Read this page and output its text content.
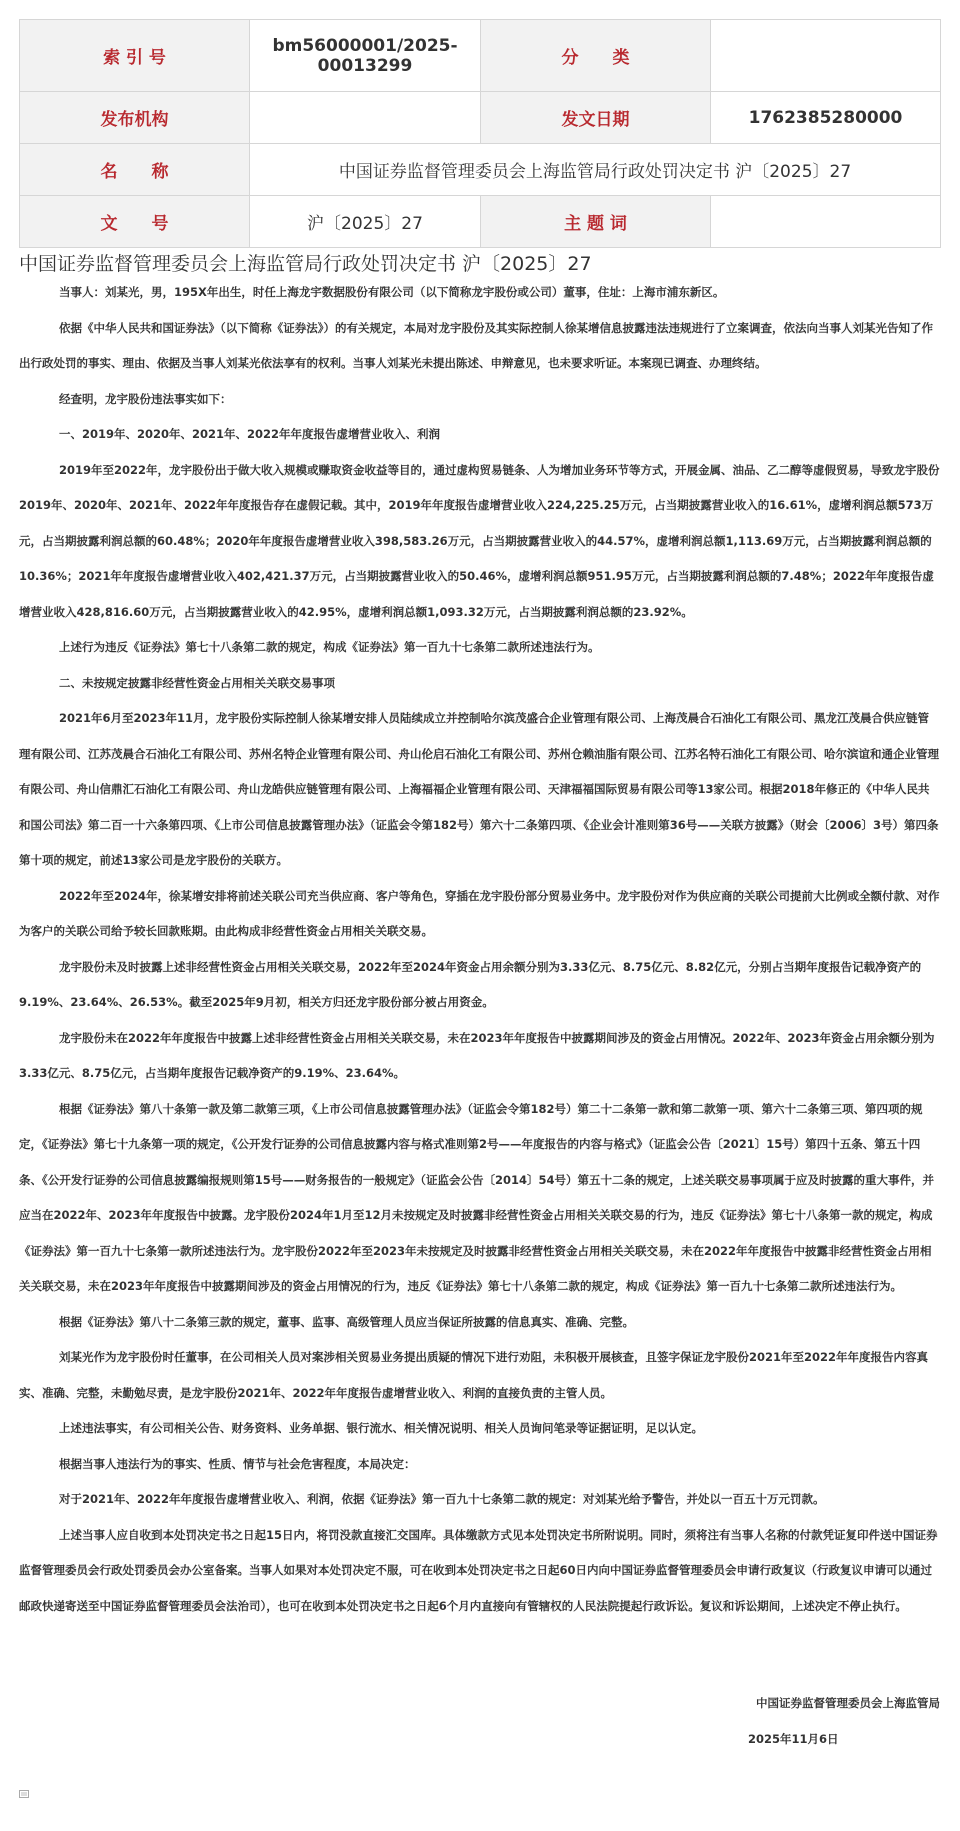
索 引 号	bm56000001/2025-00013299	分　　类	
发布机构		发文日期	1762385280000
名　　称	中国证券监督管理委员会上海监管局行政处罚决定书 沪〔2025〕27		
文　　号	沪〔2025〕27	主 题 词	
中国证券监督管理委员会上海监管局行政处罚决定书 沪〔2025〕27

当事人：刘某光，男，195X年出生，时任上海龙宇数据股份有限公司（以下简称龙宇股份或公司）董事，住址：上海市浦东新区。

依据《中华人民共和国证券法》（以下简称《证券法》）的有关规定，本局对龙宇股份及其实际控制人徐某增信息披露违法违规进行了立案调查，依法向当事人刘某光告知了作出行政处罚的事实、理由、依据及当事人刘某光依法享有的权利。当事人刘某光未提出陈述、申辩意见，也未要求听证。本案现已调查、办理终结。

经查明，龙宇股份违法事实如下：

一、2019年、2020年、2021年、2022年年度报告虚增营业收入、利润

2019年至2022年，龙宇股份出于做大收入规模或赚取资金收益等目的，通过虚构贸易链条、人为增加业务环节等方式，开展金属、油品、乙二醇等虚假贸易，导致龙宇股份2019年、2020年、2021年、2022年年度报告存在虚假记载。其中，2019年年度报告虚增营业收入224,225.25万元，占当期披露营业收入的16.61%，虚增利润总额573万元，占当期披露利润总额的60.48%；2020年年度报告虚增营业收入398,583.26万元，占当期披露营业收入的44.57%，虚增利润总额1,113.69万元，占当期披露利润总额的10.36%；2021年年度报告虚增营业收入402,421.37万元，占当期披露营业收入的50.46%，虚增利润总额951.95万元，占当期披露利润总额的7.48%；2022年年度报告虚增营业收入428,816.60万元，占当期披露营业收入的42.95%，虚增利润总额1,093.32万元，占当期披露利润总额的23.92%。

上述行为违反《证券法》第七十八条第二款的规定，构成《证券法》第一百九十七条第二款所述违法行为。

二、未按规定披露非经营性资金占用相关关联交易事项

2021年6月至2023年11月，龙宇股份实际控制人徐某增安排人员陆续成立并控制哈尔滨茂盛合企业管理有限公司、上海茂晨合石油化工有限公司、黑龙江茂晨合供应链管理有限公司、江苏茂晨合石油化工有限公司、苏州名特企业管理有限公司、舟山伦启石油化工有限公司、苏州仓赖油脂有限公司、江苏名特石油化工有限公司、哈尔滨谊和通企业管理有限公司、舟山信鼎汇石油化工有限公司、舟山龙皓供应链管理有限公司、上海福福企业管理有限公司、天津福福国际贸易有限公司等13家公司。根据2018年修正的《中华人民共和国公司法》第二百一十六条第四项、《上市公司信息披露管理办法》（证监会令第182号）第六十二条第四项、《企业会计准则第36号——关联方披露》（财会〔2006〕3号）第四条第十项的规定，前述13家公司是龙宇股份的关联方。

2022年至2024年，徐某增安排将前述关联公司充当供应商、客户等角色，穿插在龙宇股份部分贸易业务中。龙宇股份对作为供应商的关联公司提前大比例或全额付款、对作为客户的关联公司给予较长回款账期。由此构成非经营性资金占用相关关联交易。

龙宇股份未及时披露上述非经营性资金占用相关关联交易，2022年至2024年资金占用余额分别为3.33亿元、8.75亿元、8.82亿元，分别占当期年度报告记载净资产的9.19%、23.64%、26.53%。截至2025年9月初，相关方归还龙宇股份部分被占用资金。

龙宇股份未在2022年年度报告中披露上述非经营性资金占用相关关联交易，未在2023年年度报告中披露期间涉及的资金占用情况。2022年、2023年资金占用余额分别为3.33亿元、8.75亿元，占当期年度报告记载净资产的9.19%、23.64%。

根据《证券法》第八十条第一款及第二款第三项，《上市公司信息披露管理办法》（证监会令第182号）第二十二条第一款和第二款第一项、第六十二条第三项、第四项的规定，《证券法》第七十九条第一项的规定，《公开发行证券的公司信息披露内容与格式准则第2号——年度报告的内容与格式》（证监会公告〔2021〕15号）第四十五条、第五十四条、《公开发行证券的公司信息披露编报规则第15号——财务报告的一般规定》（证监会公告〔2014〕54号）第五十二条的规定，上述关联交易事项属于应及时披露的重大事件，并应当在2022年、2023年年度报告中披露。龙宇股份2024年1月至12月未按规定及时披露非经营性资金占用相关关联交易的行为，违反《证券法》第七十八条第一款的规定，构成《证券法》第一百九十七条第一款所述违法行为。龙宇股份2022年至2023年未按规定及时披露非经营性资金占用相关关联交易，未在2022年年度报告中披露非经营性资金占用相关关联交易，未在2023年年度报告中披露期间涉及的资金占用情况的行为，违反《证券法》第七十八条第二款的规定，构成《证券法》第一百九十七条第二款所述违法行为。

根据《证券法》第八十二条第三款的规定，董事、监事、高级管理人员应当保证所披露的信息真实、准确、完整。

刘某光作为龙宇股份时任董事，在公司相关人员对案涉相关贸易业务提出质疑的情况下进行劝阻，未积极开展核查，且签字保证龙宇股份2021年至2022年年度报告内容真实、准确、完整，未勤勉尽责，是龙宇股份2021年、2022年年度报告虚增营业收入、利润的直接负责的主管人员。

上述违法事实，有公司相关公告、财务资料、业务单据、银行流水、相关情况说明、相关人员询问笔录等证据证明，足以认定。

根据当事人违法行为的事实、性质、情节与社会危害程度，本局决定：

对于2021年、2022年年度报告虚增营业收入、利润，依据《证券法》第一百九十七条第二款的规定：对刘某光给予警告，并处以一百五十万元罚款。

上述当事人应自收到本处罚决定书之日起15日内，将罚没款直接汇交国库。具体缴款方式见本处罚决定书所附说明。同时，须将注有当事人名称的付款凭证复印件送中国证券监督管理委员会行政处罚委员会办公室备案。当事人如果对本处罚决定不服，可在收到本处罚决定书之日起60日内向中国证券监督管理委员会申请行政复议（行政复议申请可以通过邮政快递寄送至中国证券监督管理委员会法治司），也可在收到本处罚决定书之日起6个月内直接向有管辖权的人民法院提起行政诉讼。复议和诉讼期间，上述决定不停止执行。

中国证券监督管理委员会上海监管局
2025年11月6日
